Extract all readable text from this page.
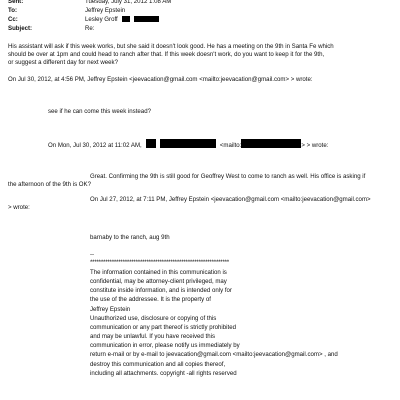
Sent:	Tuesday, July 31, 2012 1:08 AM
To:	Jeffrey Epstein
Cc:	Lesley Groff
Subject:	Re:
His assistant will ask if this week works, but she said it doesn't look good. He has a meeting on the 9th in Santa Fe which
should be over at 1pm and could head to ranch after that. If this week doesn't work, do you want to keep it for the 9th,
or suggest a different day for next week?
On Jul 30, 2012, at 4:56 PM, Jeffrey Epstein <jeevacation@gmail.com <mailto:jeevacation@gmail.com> > wrote:
see if he can come this week instead?
On Mon, Jul 30, 2012 at 11:02 AM,	<mailto:	> > wrote:
Great. Confirming the 9th is still good for Geoffrey West to come to ranch as well. His office is asking if
the afternoon of the 9th is OK?
On Jul 27, 2012, at 7:11 PM, Jeffrey Epstein <jeevacation@gmail.com <mailto:jeevacation@gmail.com>
> wrote:
barnaby to the ranch, aug 9th
--
****************************************************************
The information contained in this communication is
confidential, may be attorney-client privileged, may
constitute inside information, and is intended only for
the use of the addressee. It is the property of
Jeffrey Epstein
Unauthorized use, disclosure or copying of this
communication or any part thereof is strictly prohibited
and may be unlawful. If you have received this
communication in error, please notify us immediately by
return e-mail or by e-mail to jeevacation@gmail.com <mailto:jeevacation@gmail.com> , and
destroy this communication and all copies thereof,
including all attachments. copyright -all rights reserved
